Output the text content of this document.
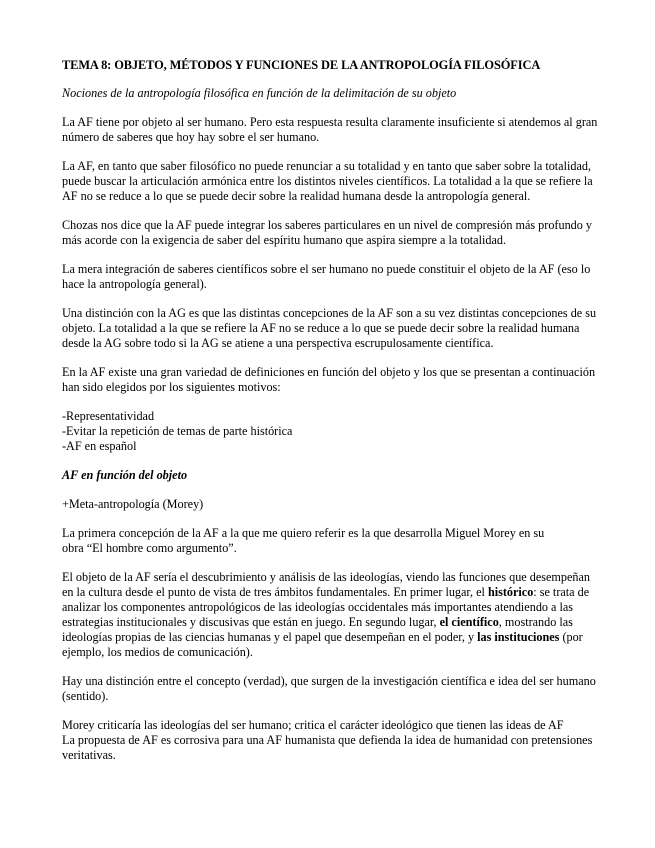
TEMA 8: OBJETO, MÉTODOS Y FUNCIONES DE LA ANTROPOLOGÍA FILOSÓFICA
Nociones de la antropología filosófica en función de la delimitación de su objeto

La AF tiene por objeto al ser humano. Pero esta respuesta resulta claramente insuficiente si atendemos al gran número de saberes que hoy hay sobre el ser humano.

La AF, en tanto que saber filosófico no puede renunciar a su totalidad y en tanto que saber sobre la totalidad, puede buscar la articulación armónica entre los distintos niveles científicos. La totalidad a la que se refiere la AF no se reduce a lo que se puede decir sobre la realidad humana desde la antropología general.

Chozas nos dice que la AF puede integrar los saberes particulares en un nivel de compresión más profundo y más acorde con la exigencia de saber del espíritu humano que aspira siempre a la totalidad.

La mera integración de saberes científicos sobre el ser humano no puede constituir el objeto de la AF (eso lo hace la antropología general).

Una distinción con la AG es que las distintas concepciones de la AF son a su vez distintas concepciones de su objeto. La totalidad a la que se refiere la AF no se reduce a lo que se puede decir sobre la realidad humana desde la AG sobre todo si la AG se atiene a una perspectiva escrupulosamente científica.

En la AF existe una gran variedad de definiciones en función del objeto y los que se presentan a continuación han sido elegidos por los siguientes motivos:

-Representatividad
-Evitar la repetición de temas de parte histórica
-AF en español
AF en función del objeto

+Meta-antropología (Morey)

La primera concepción de la AF a la que me quiero referir es la que desarrolla Miguel Morey en su
obra “El hombre como argumento”.

El objeto de la AF sería el descubrimiento y análisis de las ideologías, viendo las funciones que desempeñan en la cultura desde el punto de vista de tres ámbitos fundamentales. En primer lugar, el histórico: se trata de analizar los componentes antropológicos de las ideologías occidentales más importantes atendiendo a las estrategias institucionales y discusivas que están en juego. En segundo lugar, el científico, mostrando las ideologías propias de las ciencias humanas y el papel que desempeñan en el poder, y las instituciones (por ejemplo, los medios de comunicación).

Hay una distinción entre el concepto (verdad), que surgen de la investigación científica e idea del ser humano (sentido).

Morey criticaría las ideologías del ser humano; critica el carácter ideológico que tienen las ideas de AF
La propuesta de AF es corrosiva para una AF humanista que defienda la idea de humanidad con pretensiones veritativas.
